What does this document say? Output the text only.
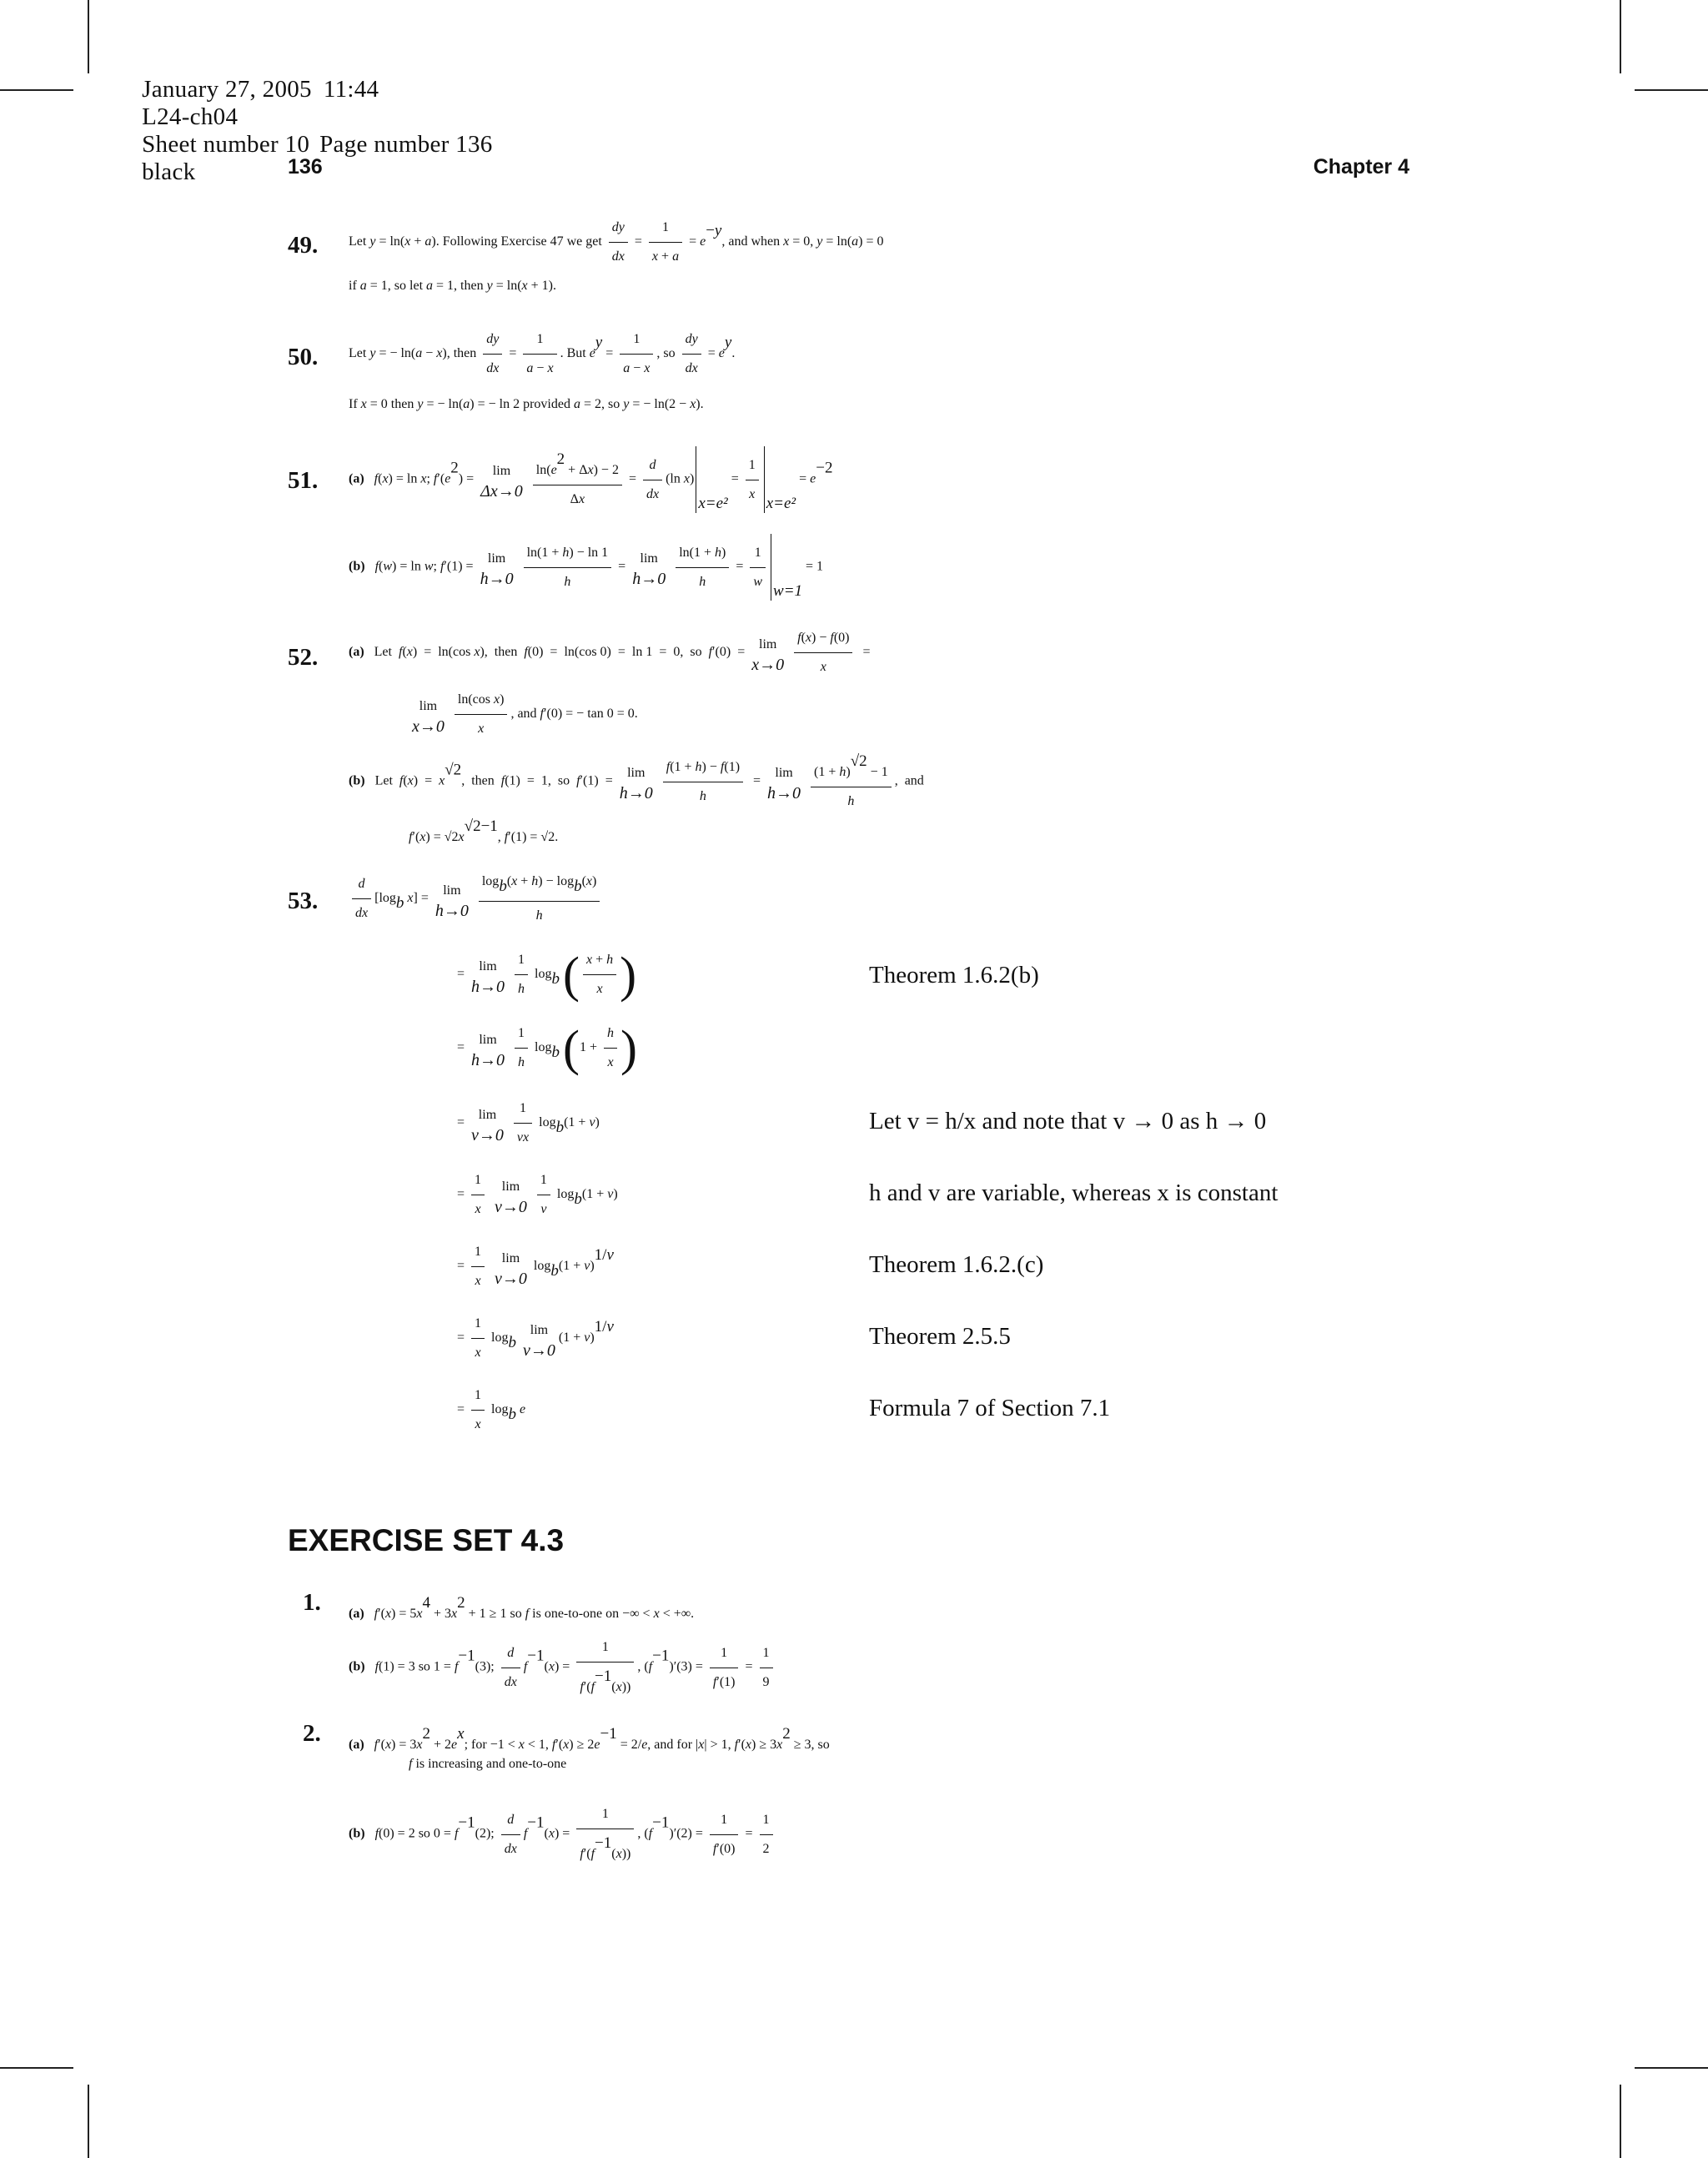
January 27, 2005 11:44
L24-ch04
Sheet number 10 Page number 136
black	136	Chapter 4
49. Let y = ln(x + a). Following Exercise 47 we get $\frac{dy}{dx} = \frac{1}{x + a} = e-y$, and when x = 0, y = ln(a) = 0
if a = 1, so let a = 1, then y = ln(x + 1).
50. Let y = − ln(a − x), then $\frac{dy}{dx} = \frac{1}{a - x}$ . But ey = $\frac{1}{a - x}$ , so $\frac{dy}{dx}$ = ey.
If x = 0 then y = − ln(a) = − ln 2 provided a = 2, so y = − ln(2 − x).
51. (a) f(x) = ln x; f′(e2) =
lim
Δx→0
$\frac{\ln(e2 + \Delta x) - 2}{\Delta x} = \frac{d}{dx} (\ln$ $x)x=e^2 = \frac{1}{x} x=e^2 = e-2$
(b) f(w) = ln w; f′(1) =
lim
h→0
$\frac{\ln(1 + h) - \ln 1}{h}$ =
lim
h→0
$\frac{\ln(1 + h)}{h} = \frac{1}{w} w=1 = 1$
52. (a)   Let  f(x)  =  ln(cos x),  then  f(0)  =  ln(cos 0)  =  ln 1  =  0,  so  f′(0)  =
lim
x→0
$\frac{f(x) - f(0)}{x}$ =
lim
x→0
$\frac{\text{ln(cos x)}}{x}$ , and f′(0) = − tan 0 = 0.
(b)   Let  f(x)  =  x√2,  then  f(1)  =  1,  so  f′(1)  =
lim
h→0
$\frac{f(1 + h) - f(1)}{h}$ =
lim
h→0
$\frac{(1 + h)√2 - 1}{h}$ ,  and
f′(x) = √2x√2−1, f′(1) = √2.
53.	$\frac{d}{dx} [\log b$ x] =
lim
h→0
$\frac{\log b(x + h) - \log b(x)}{h}$
=
lim
h→0
$\frac{1}{h}$ logb ( $\frac{x + h}{x}$ )	Theorem 1.6.2(b)
=
lim
h→0
$\frac{1}{h}$ logb ($1 + \frac{h}{x}$ )
=
lim
v→0
$\frac{1}{vx} \log b(1 + v)$	Let v = h/x and note that v → 0 as h → 0
= $\frac{1}{x}$
	lim
v→0
$\frac{1}{v} \log b(1 + v)$	h and v are variable, whereas x is constant
= $\frac{1}{x}$
	lim
v→0
logb(1 + v)1/v	Theorem 1.6.2.(c)
= $\frac{1}{x}$ logb
lim
v→0
(1 + v)1/v	Theorem 2.5.5
= $\frac{1}{x}$ logb e	Formula 7 of Section 7.1
EXERCISE SET 4.3
1. (a) f′(x) = 5x4 + 3x2 + 1 ≥ 1 so f is one-to-one on −∞ < x < +∞.
(b) f(1) = 3 so 1 = f−1(3); $\frac{d}{dx} f-1(x) = \frac{1}{f'(f-1(x))}$ , $(f-1)'(3) = \frac{1}{f'(1)} = \frac{1}{9}$
2. (a) f′(x) = 3x2 + 2ex; for −1 < x < 1, f′(x) ≥ 2e−1 = 2/e, and for |x| > 1, f′(x) ≥ 3x2 ≥ 3, so
f is increasing and one-to-one
(b) f(0) = 2 so 0 = f−1(2); $\frac{d}{dx} f-1(x) = \frac{1}{f'(f-1(x))}$ , $(f-1)'(2) = \frac{1}{f'(0)} = \frac{1}{2}$
